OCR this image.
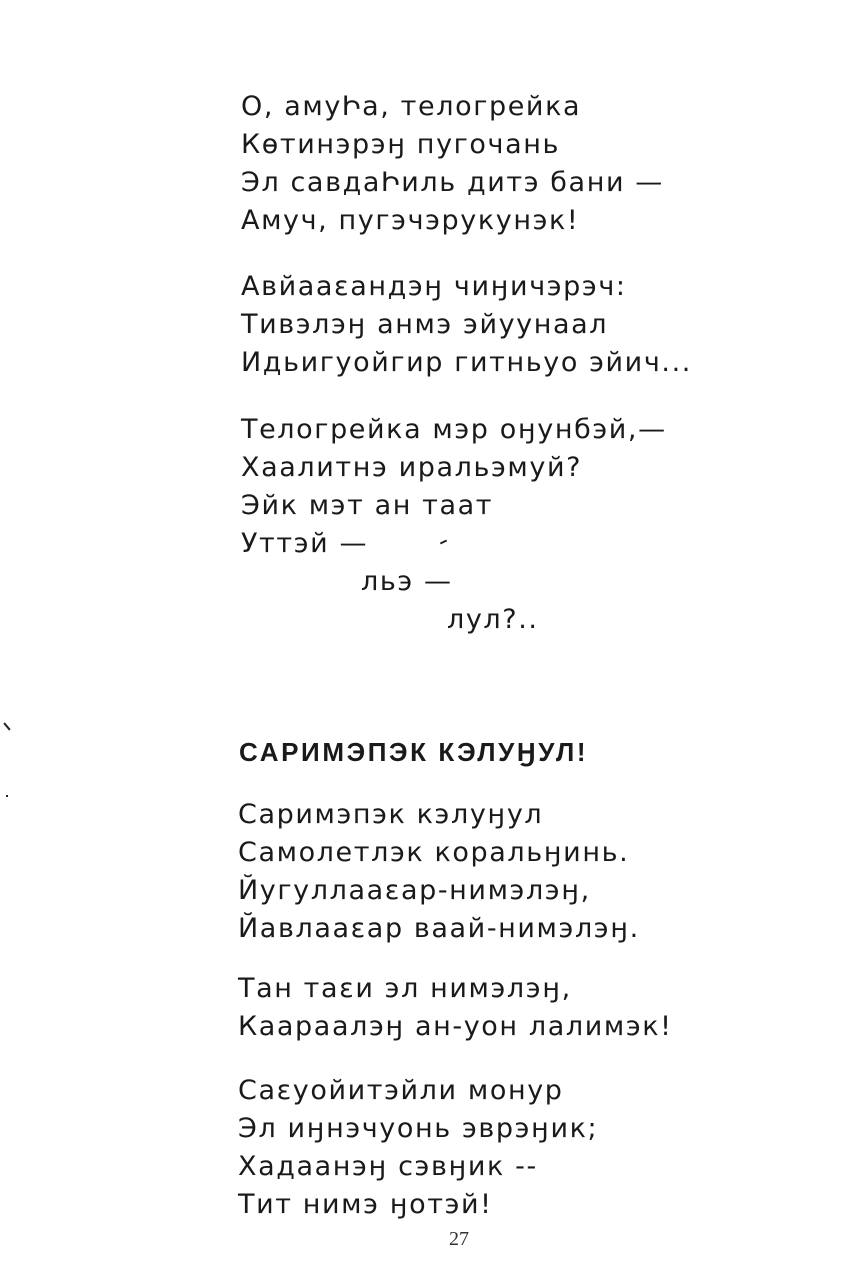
О, амуԻа, телогрейка
Кѳтинэрэӈ пугочань
Эл савдаԻиль дитэ бани —
Амуч, пугэчэрукунэк!
Авйааԑандэӈ чиӈичэрэч:
Тивэлэӈ анмэ эйуунаал
Идьигуойгир гитньуо эйич...
Телогрейка мэр оӈунбэй,—
Хаалитнэ иральэмуй?
Эйк мэт ан таат
Уттэй —
льэ —
лул?..
САРИМЭПЭК КЭЛУӇУЛ!
Саримэпэк кэлуӈул
Самолетлэк коральӈинь.
Йугуллааԑар-нимэлэӈ,
Йавлааԑар ваай-нимэлэӈ.
Тан таԑи эл нимэлэӈ,
Каараалэӈ ан-уон лалимэк!
Саԑуойитэйли монур
Эл иӈнэчуонь эврэӈик;
Хадаанэӈ сэвӈик --
Тит нимэ ӈотэй!
27
